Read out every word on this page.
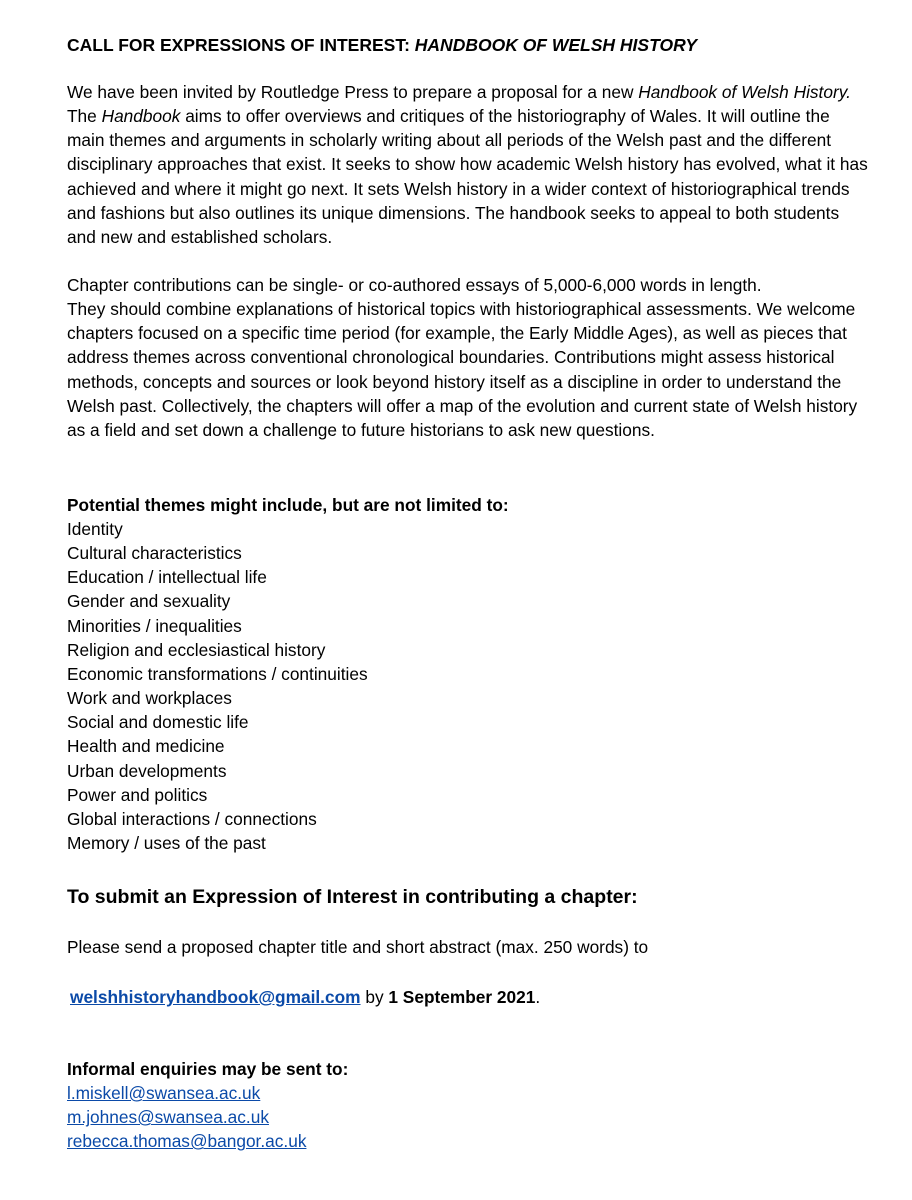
CALL FOR EXPRESSIONS OF INTEREST: HANDBOOK OF WELSH HISTORY

We have been invited by Routledge Press to prepare a proposal for a new Handbook of Welsh History. The Handbook aims to offer overviews and critiques of the historiography of Wales. It will outline the main themes and arguments in scholarly writing about all periods of the Welsh past and the different disciplinary approaches that exist. It seeks to show how academic Welsh history has evolved, what it has achieved and where it might go next. It sets Welsh history in a wider context of historiographical trends and fashions but also outlines its unique dimensions. The handbook seeks to appeal to both students and new and established scholars.

Chapter contributions can be single- or co-authored essays of 5,000-6,000 words in length.
They should combine explanations of historical topics with historiographical assessments. We welcome chapters focused on a specific time period (for example, the Early Middle Ages), as well as pieces that address themes across conventional chronological boundaries. Contributions might assess historical methods, concepts and sources or look beyond history itself as a discipline in order to understand the Welsh past. Collectively, the chapters will offer a map of the evolution and current state of Welsh history as a field and set down a challenge to future historians to ask new questions.

Potential themes might include, but are not limited to:

Identity
Cultural characteristics
Education / intellectual life
Gender and sexuality
Minorities / inequalities
Religion and ecclesiastical history
Economic transformations / continuities
Work and workplaces
Social and domestic life
Health and medicine
Urban developments
Power and politics
Global interactions / connections
Memory / uses of the past
To submit an Expression of Interest in contributing a chapter:

Please send a proposed chapter title and short abstract (max. 250 words) to

welshhistoryhandbook@gmail.com by 1 September 2021.

Informal enquiries may be sent to:

l.miskell@swansea.ac.uk
m.johnes@swansea.ac.uk
rebecca.thomas@bangor.ac.uk
